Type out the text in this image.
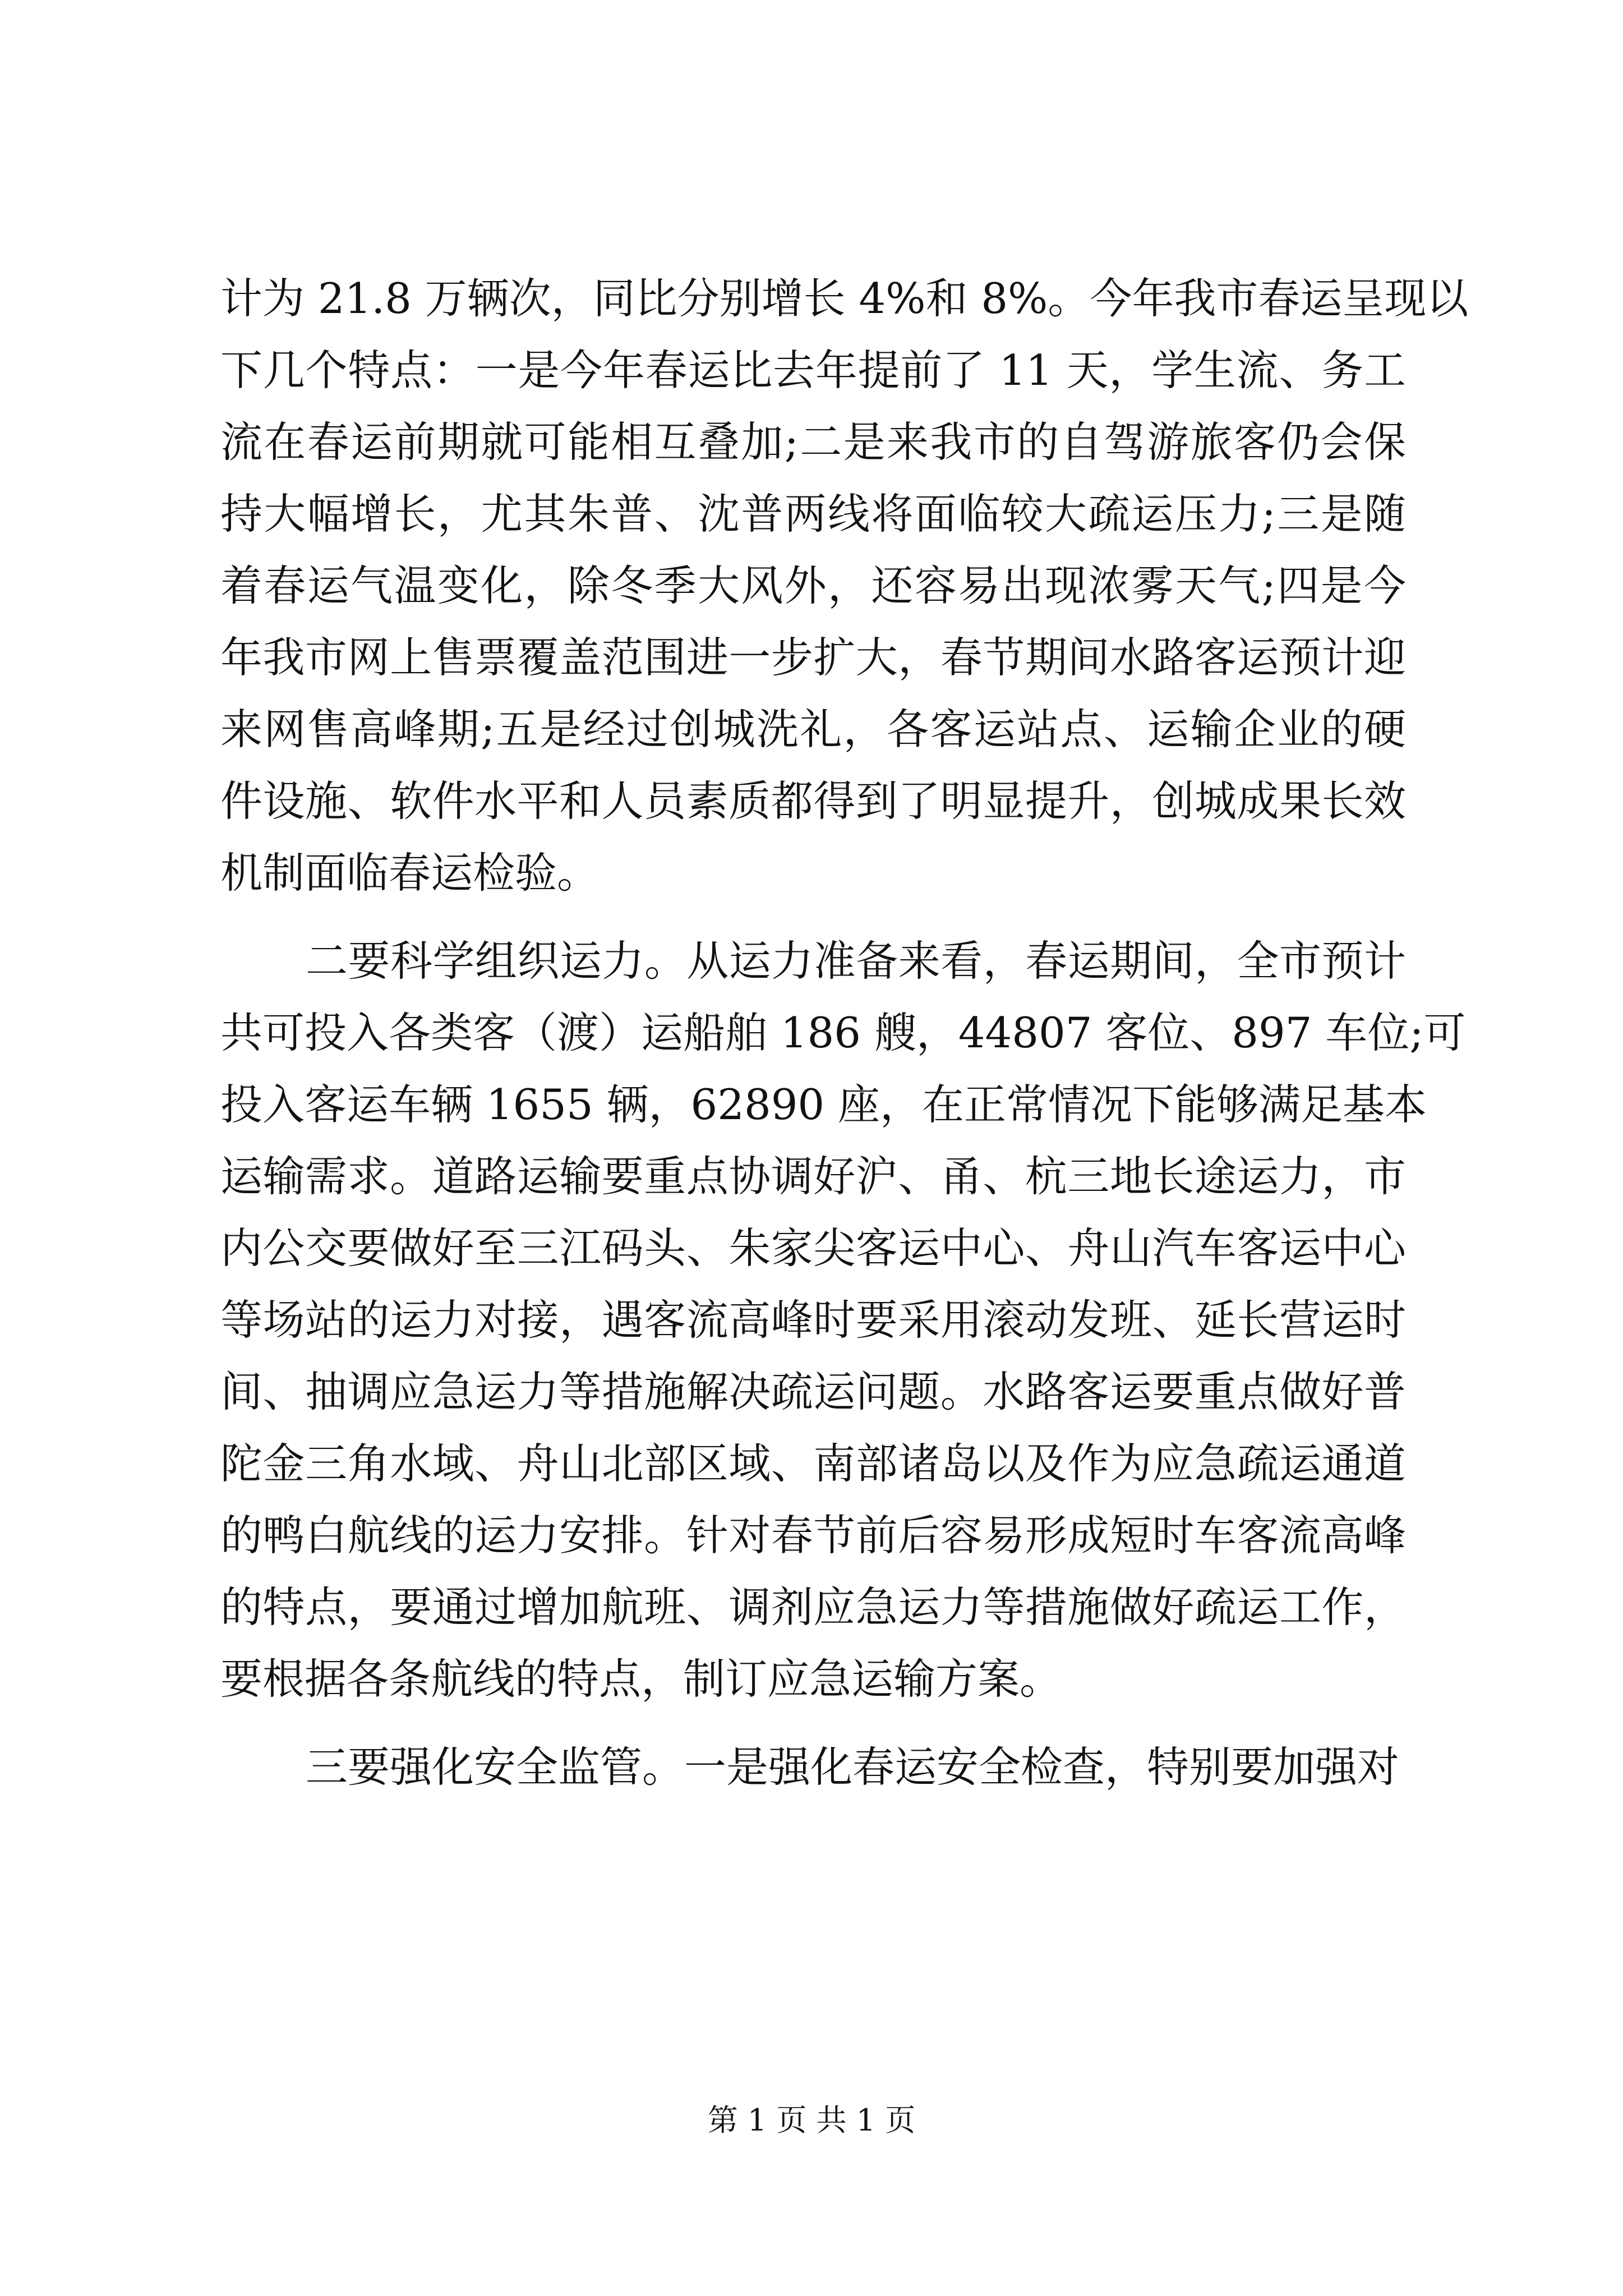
计为 21.8 万辆次，同比分别增长 4%和 8%。今年我市春运呈现以
下几个特点：一是今年春运比去年提前了 11 天，学生流、务工
流在春运前期就可能相互叠加;二是来我市的自驾游旅客仍会保
持大幅增长，尤其朱普、沈普两线将面临较大疏运压力;三是随
着春运气温变化，除冬季大风外，还容易出现浓雾天气;四是今
年我市网上售票覆盖范围进一步扩大，春节期间水路客运预计迎
来网售高峰期;五是经过创城洗礼，各客运站点、运输企业的硬
件设施、软件水平和人员素质都得到了明显提升，创城成果长效
机制面临春运检验。
二要科学组织运力。从运力准备来看，春运期间，全市预计
共可投入各类客（渡）运船舶 186 艘，44807 客位、897 车位;可
投入客运车辆 1655 辆，62890 座，在正常情况下能够满足基本
运输需求。道路运输要重点协调好沪、甬、杭三地长途运力，市
内公交要做好至三江码头、朱家尖客运中心、舟山汽车客运中心
等场站的运力对接，遇客流高峰时要采用滚动发班、延长营运时
间、抽调应急运力等措施解决疏运问题。水路客运要重点做好普
陀金三角水域、舟山北部区域、南部诸岛以及作为应急疏运通道
的鸭白航线的运力安排。针对春节前后容易形成短时车客流高峰
的特点，要通过增加航班、调剂应急运力等措施做好疏运工作，
要根据各条航线的特点，制订应急运输方案。
三要强化安全监管。一是强化春运安全检查，特别要加强对
第 1 页 共 1 页
